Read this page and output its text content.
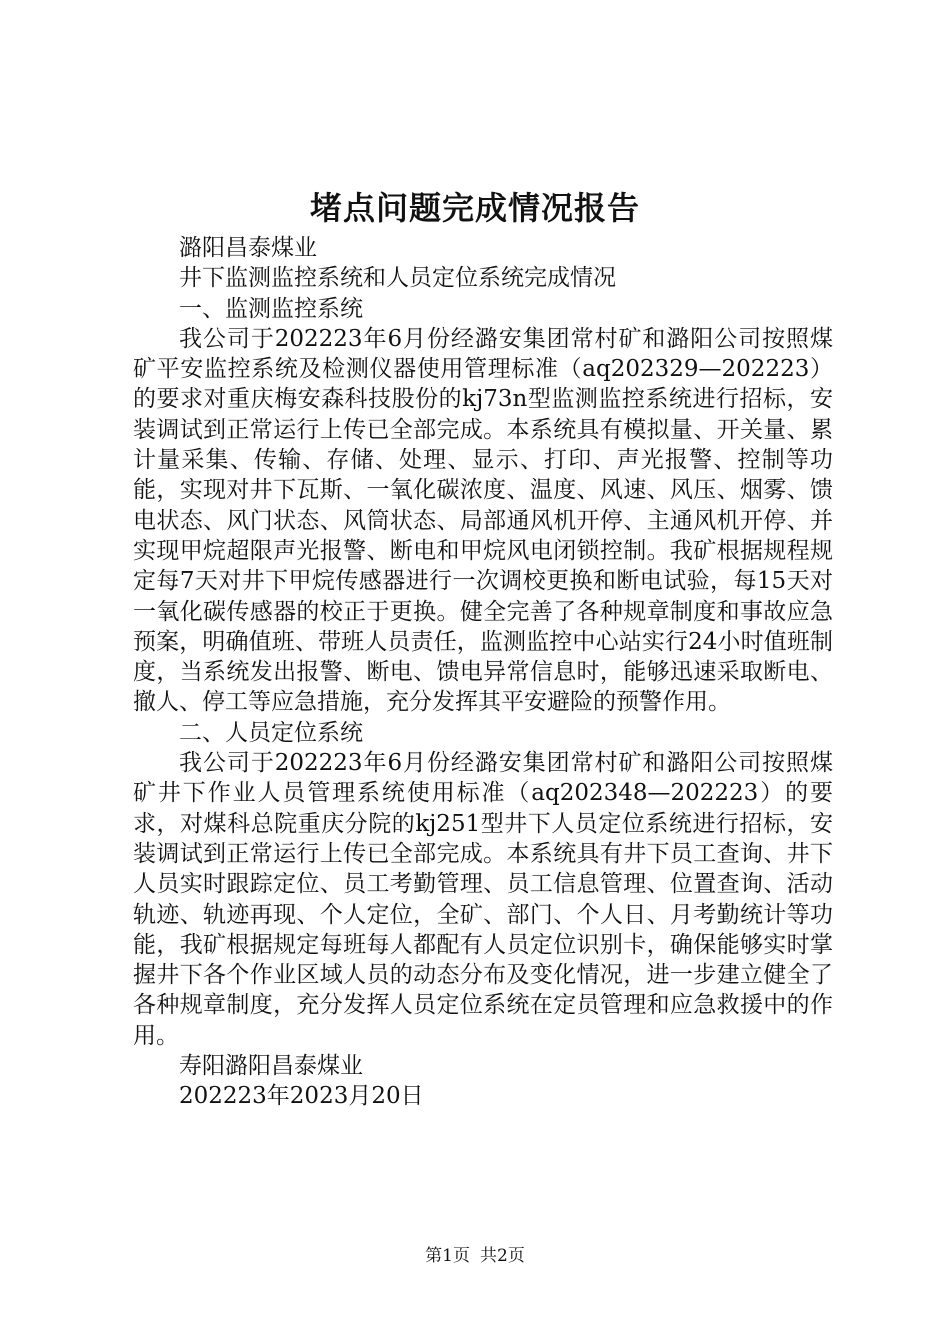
堵点问题完成情况报告

潞阳昌泰煤业

井下监测监控系统和人员定位系统完成情况

一、监测监控系统

我公司于202223年6月份经潞安集团常村矿和潞阳公司按照煤矿平安监控系统及检测仪器使用管理标准（aq202329—202223）的要求对重庆梅安森科技股份的kj73n型监测监控系统进行招标，安装调试到正常运行上传已全部完成。本系统具有模拟量、开关量、累计量采集、传输、存储、处理、显示、打印、声光报警、控制等功能，实现对井下瓦斯、一氧化碳浓度、温度、风速、风压、烟雾、馈电状态、风门状态、风筒状态、局部通风机开停、主通风机开停、并实现甲烷超限声光报警、断电和甲烷风电闭锁控制。我矿根据规程规定每7天对井下甲烷传感器进行一次调校更换和断电试验，每15天对一氧化碳传感器的校正于更换。健全完善了各种规章制度和事故应急预案，明确值班、带班人员责任，监测监控中心站实行24小时值班制度，当系统发出报警、断电、馈电异常信息时，能够迅速采取断电、撤人、停工等应急措施，充分发挥其平安避险的预警作用。

二、人员定位系统

我公司于202223年6月份经潞安集团常村矿和潞阳公司按照煤矿井下作业人员管理系统使用标准（aq202348—202223）的要求，对煤科总院重庆分院的kj251型井下人员定位系统进行招标，安装调试到正常运行上传已全部完成。本系统具有井下员工查询、井下人员实时跟踪定位、员工考勤管理、员工信息管理、位置查询、活动轨迹、轨迹再现、个人定位，全矿、部门、个人日、月考勤统计等功能，我矿根据规定每班每人都配有人员定位识别卡，确保能够实时掌握井下各个作业区域人员的动态分布及变化情况，进一步建立健全了各种规章制度，充分发挥人员定位系统在定员管理和应急救援中的作用。

寿阳潞阳昌泰煤业

202223年2023月20日

第1页 共2页
